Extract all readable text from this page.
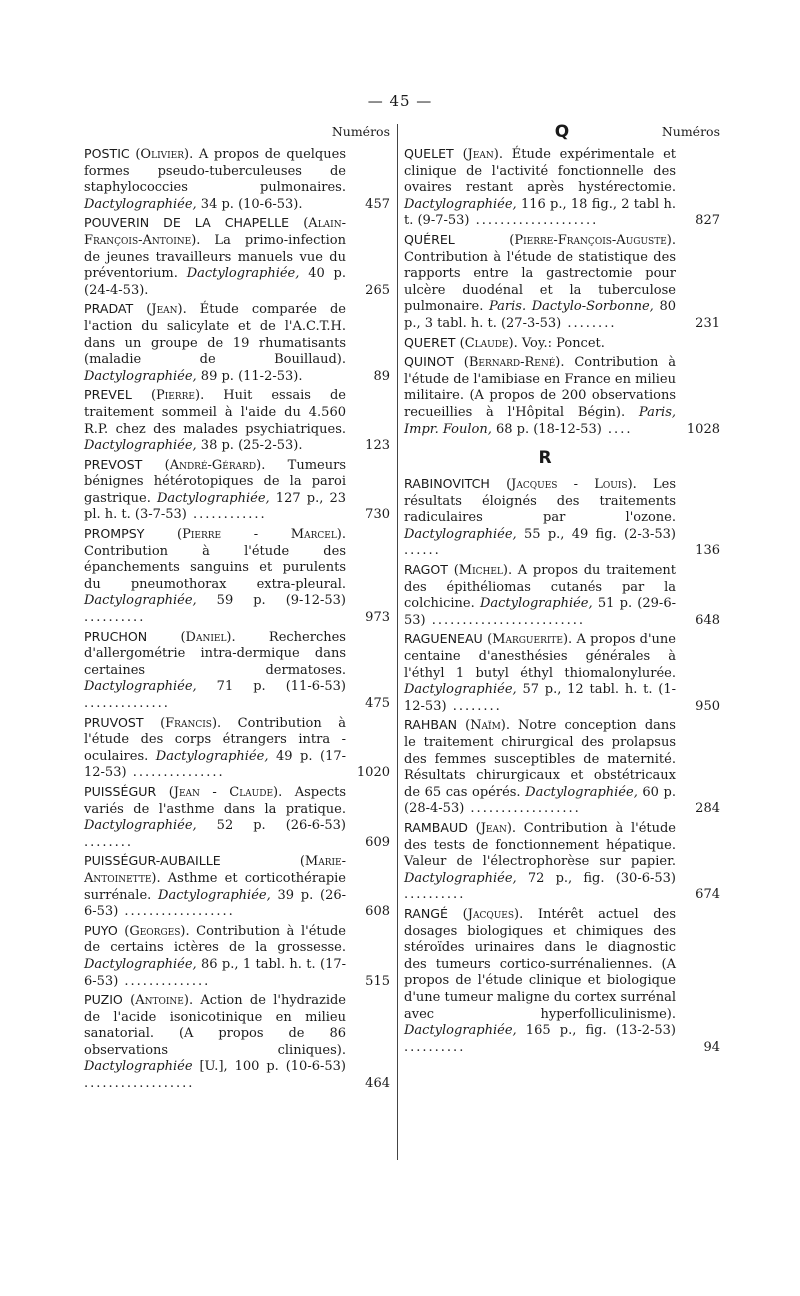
— 45 —
Numéros
POSTIC (Olivier). A propos de quelques formes pseudo-tuberculeuses de staphylococcies pulmonaires. Dactylographiée, 34 p. (10-6-53).	457
POUVERIN DE LA CHAPELLE (Alain-François-Antoine). La primo-infection de jeunes travailleurs manuels vue du préventorium. Dactylographiée, 40 p. (24-4-53).	265
PRADAT (Jean). Étude comparée de l'action du salicylate et de l'A.C.T.H. dans un groupe de 19 rhumatisants (maladie de Bouillaud). Dactylographiée, 89 p. (11-2-53).	89
PREVEL (Pierre). Huit essais de traitement sommeil à l'aide du 4.560 R.P. chez des malades psychiatriques. Dactylographiée, 38 p. (25-2-53).	123
PREVOST (André-Gérard). Tumeurs bénignes hétérotopiques de la paroi gastrique. Dactylographiée, 127 p., 23 pl. h. t. (3-7-53) ............	730
PROMPSY	(Pierre - Marcel). Contribution à l'étude des épanchements sanguins et purulents du pneumothorax extra-pleural. Dactylographiée, 59 p. (9-12-53) ..........	973
PRUCHON	(Daniel). Recherches d'allergométrie intra-dermique dans certaines dermatoses. Dactylographiée, 71 p. (11-6-53) ..............	475
PRUVOST (Francis). Contribution à l'étude des corps étrangers intra - oculaires. Dactylographiée, 49 p. (17-12-53) ...............	1020
PUISSÉGUR (Jean - Claude). Aspects variés de l'asthme dans la pratique. Dactylographiée, 52 p. (26-6-53) ........	609
PUISSÉGUR-AUBAILLE	(Marie-Antoinette). Asthme et corticothérapie surrénale. Dactylographiée, 39 p. (26-6-53) ..................	608
PUYO (Georges). Contribution à l'étude de certains ictères de la grossesse. Dactylographiée, 86 p., 1 tabl. h. t. (17-6-53) ..............	515
PUZIO (Antoine). Action de l'hydrazide de l'acide isonicotinique en milieu sanatorial. (A propos de 86 observations cliniques). Dactylographiée [U.], 100 p. (10-6-53) ..................	464
Q	Numéros
QUELET (Jean). Étude expérimentale et clinique de l'activité fonctionnelle des ovaires restant après hystérectomie. Dactylographiée, 116 p., 18 fig., 2 tabl h. t. (9-7-53) ....................	827
QUÉREL	(Pierre-François-Auguste). Contribution à l'étude de statistique des rapports entre la gastrectomie pour ulcère duodénal et la tuberculose pulmonaire. Paris. Dactylo-Sorbonne, 80 p., 3 tabl. h. t. (27-3-53) ........	231
QUERET (Claude). Voy.: Poncet.
QUINOT (Bernard-René). Contribution à l'étude de l'amibiase en France en milieu militaire. (A propos de 200 observations recueillies à l'Hôpital Bégin). Paris, Impr. Foulon, 68 p. (18-12-53) ....	1028
R
RABINOVITCH (Jacques - Louis). Les résultats éloignés des traitements radiculaires par l'ozone. Dactylographiée, 55 p., 49 fig. (2-3-53) ......	136
RAGOT (Michel). A propos du traitement des épithéliomas cutanés par la colchicine. Dactylographiée, 51 p. (29-6-53) .........................	648
RAGUENEAU (Marguerite). A propos d'une centaine d'anesthésies générales à l'éthyl 1 butyl éthyl thiomalonylurée. Dactylographiée, 57 p., 12 tabl. h. t. (1-12-53) ........	950
RAHBAN (Naïm). Notre conception dans le traitement chirurgical des prolapsus des femmes susceptibles de maternité. Résultats chirurgicaux et obstétricaux de 65 cas opérés. Dactylographiée, 60 p. (28-4-53) ..................	284
RAMBAUD (Jean). Contribution à l'étude des tests de fonctionnement hépatique. Valeur de l'électrophorèse sur papier. Dactylographiée, 72 p., fig. (30-6-53) ..........	674
RANGÉ (Jacques). Intérêt actuel des dosages biologiques et chimiques des stéroïdes urinaires dans le diagnostic des tumeurs cortico-surrénaliennes. (A propos de l'étude clinique et biologique d'une tumeur maligne du cortex surrénal avec hyperfolliculinisme). Dactylographiée, 165 p., fig. (13-2-53) ..........	94
